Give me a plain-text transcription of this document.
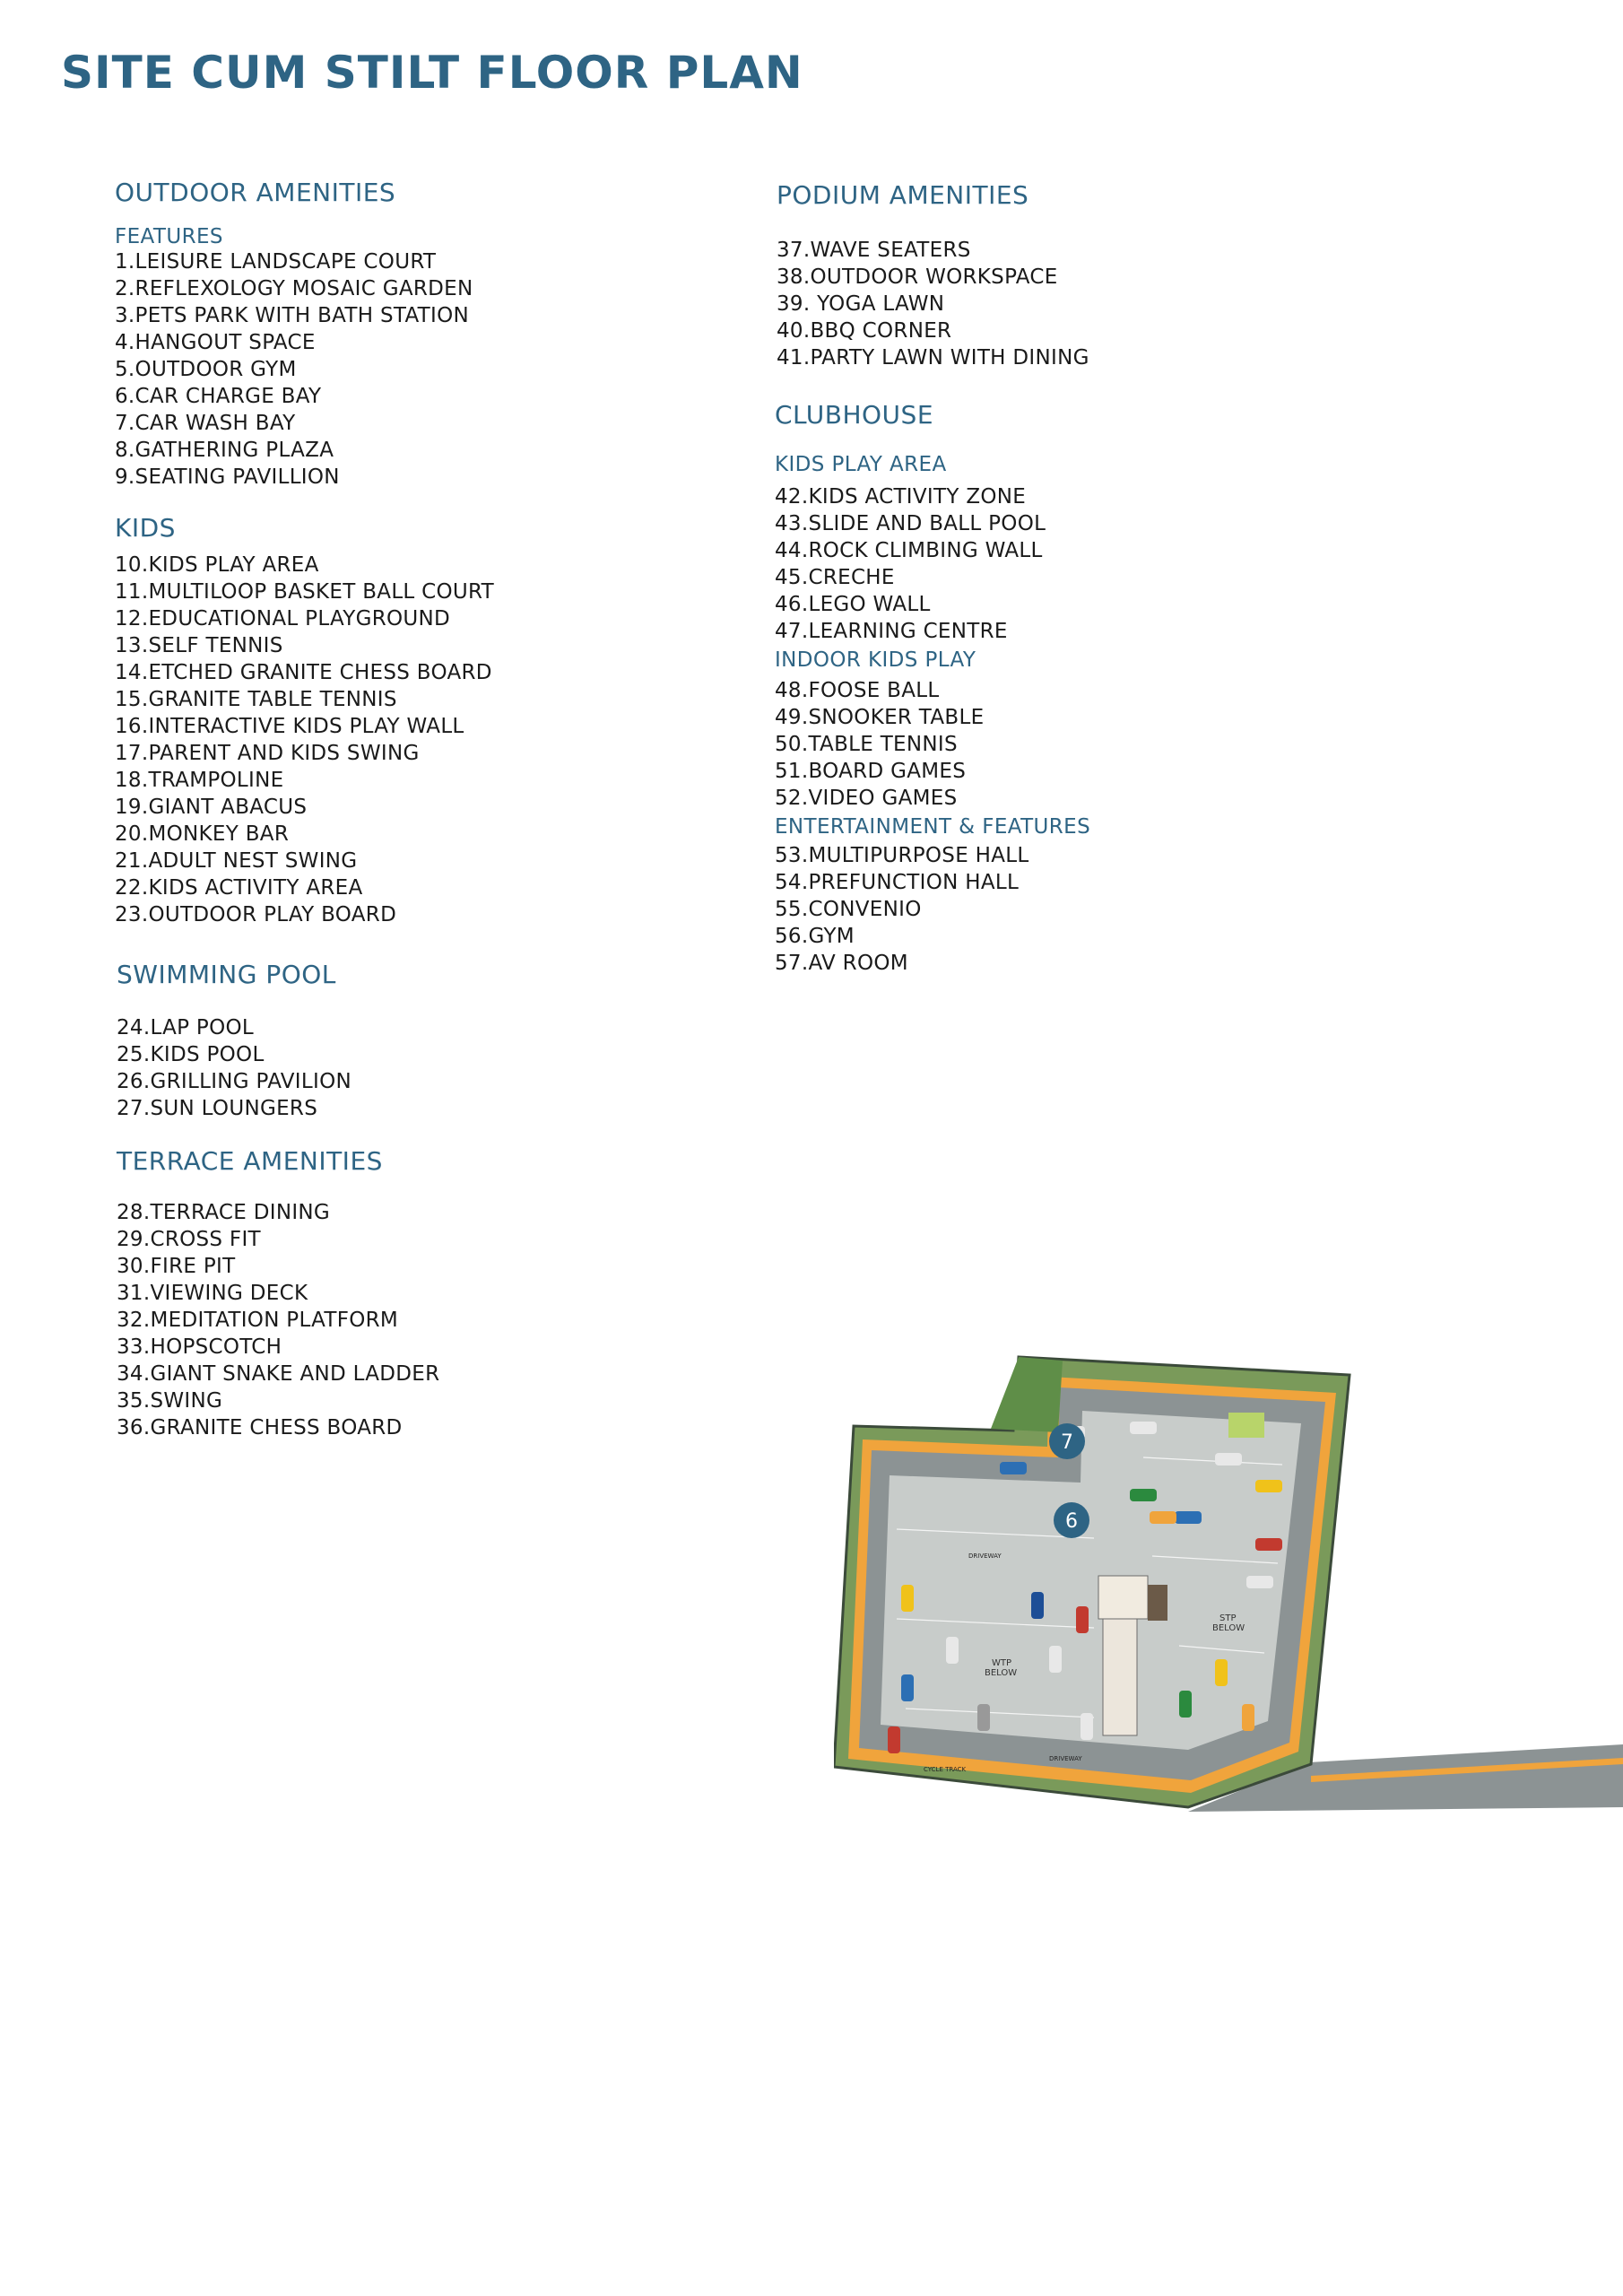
SITE CUM STILT FLOOR PLAN
OUTDOOR AMENITIES
FEATURES
1.LEISURE LANDSCAPE COURT
2.REFLEXOLOGY MOSAIC GARDEN
3.PETS PARK WITH BATH STATION
4.HANGOUT SPACE
5.OUTDOOR GYM
6.CAR CHARGE BAY
7.CAR WASH BAY
8.GATHERING PLAZA
9.SEATING PAVILLION
KIDS
10.KIDS PLAY AREA
11.MULTILOOP BASKET BALL COURT
12.EDUCATIONAL PLAYGROUND
13.SELF TENNIS
14.ETCHED GRANITE CHESS BOARD
15.GRANITE TABLE TENNIS
16.INTERACTIVE KIDS PLAY WALL
17.PARENT AND KIDS SWING
18.TRAMPOLINE
19.GIANT ABACUS
20.MONKEY BAR
21.ADULT NEST SWING
22.KIDS ACTIVITY AREA
23.OUTDOOR PLAY BOARD
SWIMMING POOL
24.LAP POOL
25.KIDS POOL
26.GRILLING PAVILION
27.SUN LOUNGERS
TERRACE AMENITIES
28.TERRACE DINING
29.CROSS FIT
30.FIRE PIT
31.VIEWING DECK
32.MEDITATION PLATFORM
33.HOPSCOTCH
34.GIANT SNAKE AND LADDER
35.SWING
36.GRANITE CHESS BOARD
PODIUM AMENITIES
37.WAVE SEATERS
38.OUTDOOR WORKSPACE
39. YOGA LAWN
40.BBQ CORNER
41.PARTY LAWN WITH DINING
CLUBHOUSE
KIDS PLAY AREA
42.KIDS ACTIVITY ZONE
43.SLIDE AND BALL POOL
44.ROCK CLIMBING WALL
45.CRECHE
46.LEGO WALL
47.LEARNING CENTRE
INDOOR KIDS PLAY
48.FOOSE BALL
49.SNOOKER TABLE
50.TABLE TENNIS
51.BOARD GAMES
52.VIDEO GAMES
ENTERTAINMENT & FEATURES
53.MULTIPURPOSE HALL
54.PREFUNCTION HALL
55.CONVENIO
56.GYM
57.AV ROOM
7
6
STP
BELOW
WTP
BELOW
DRIVEWAY
DRIVEWAY
CYCLE TRACK
